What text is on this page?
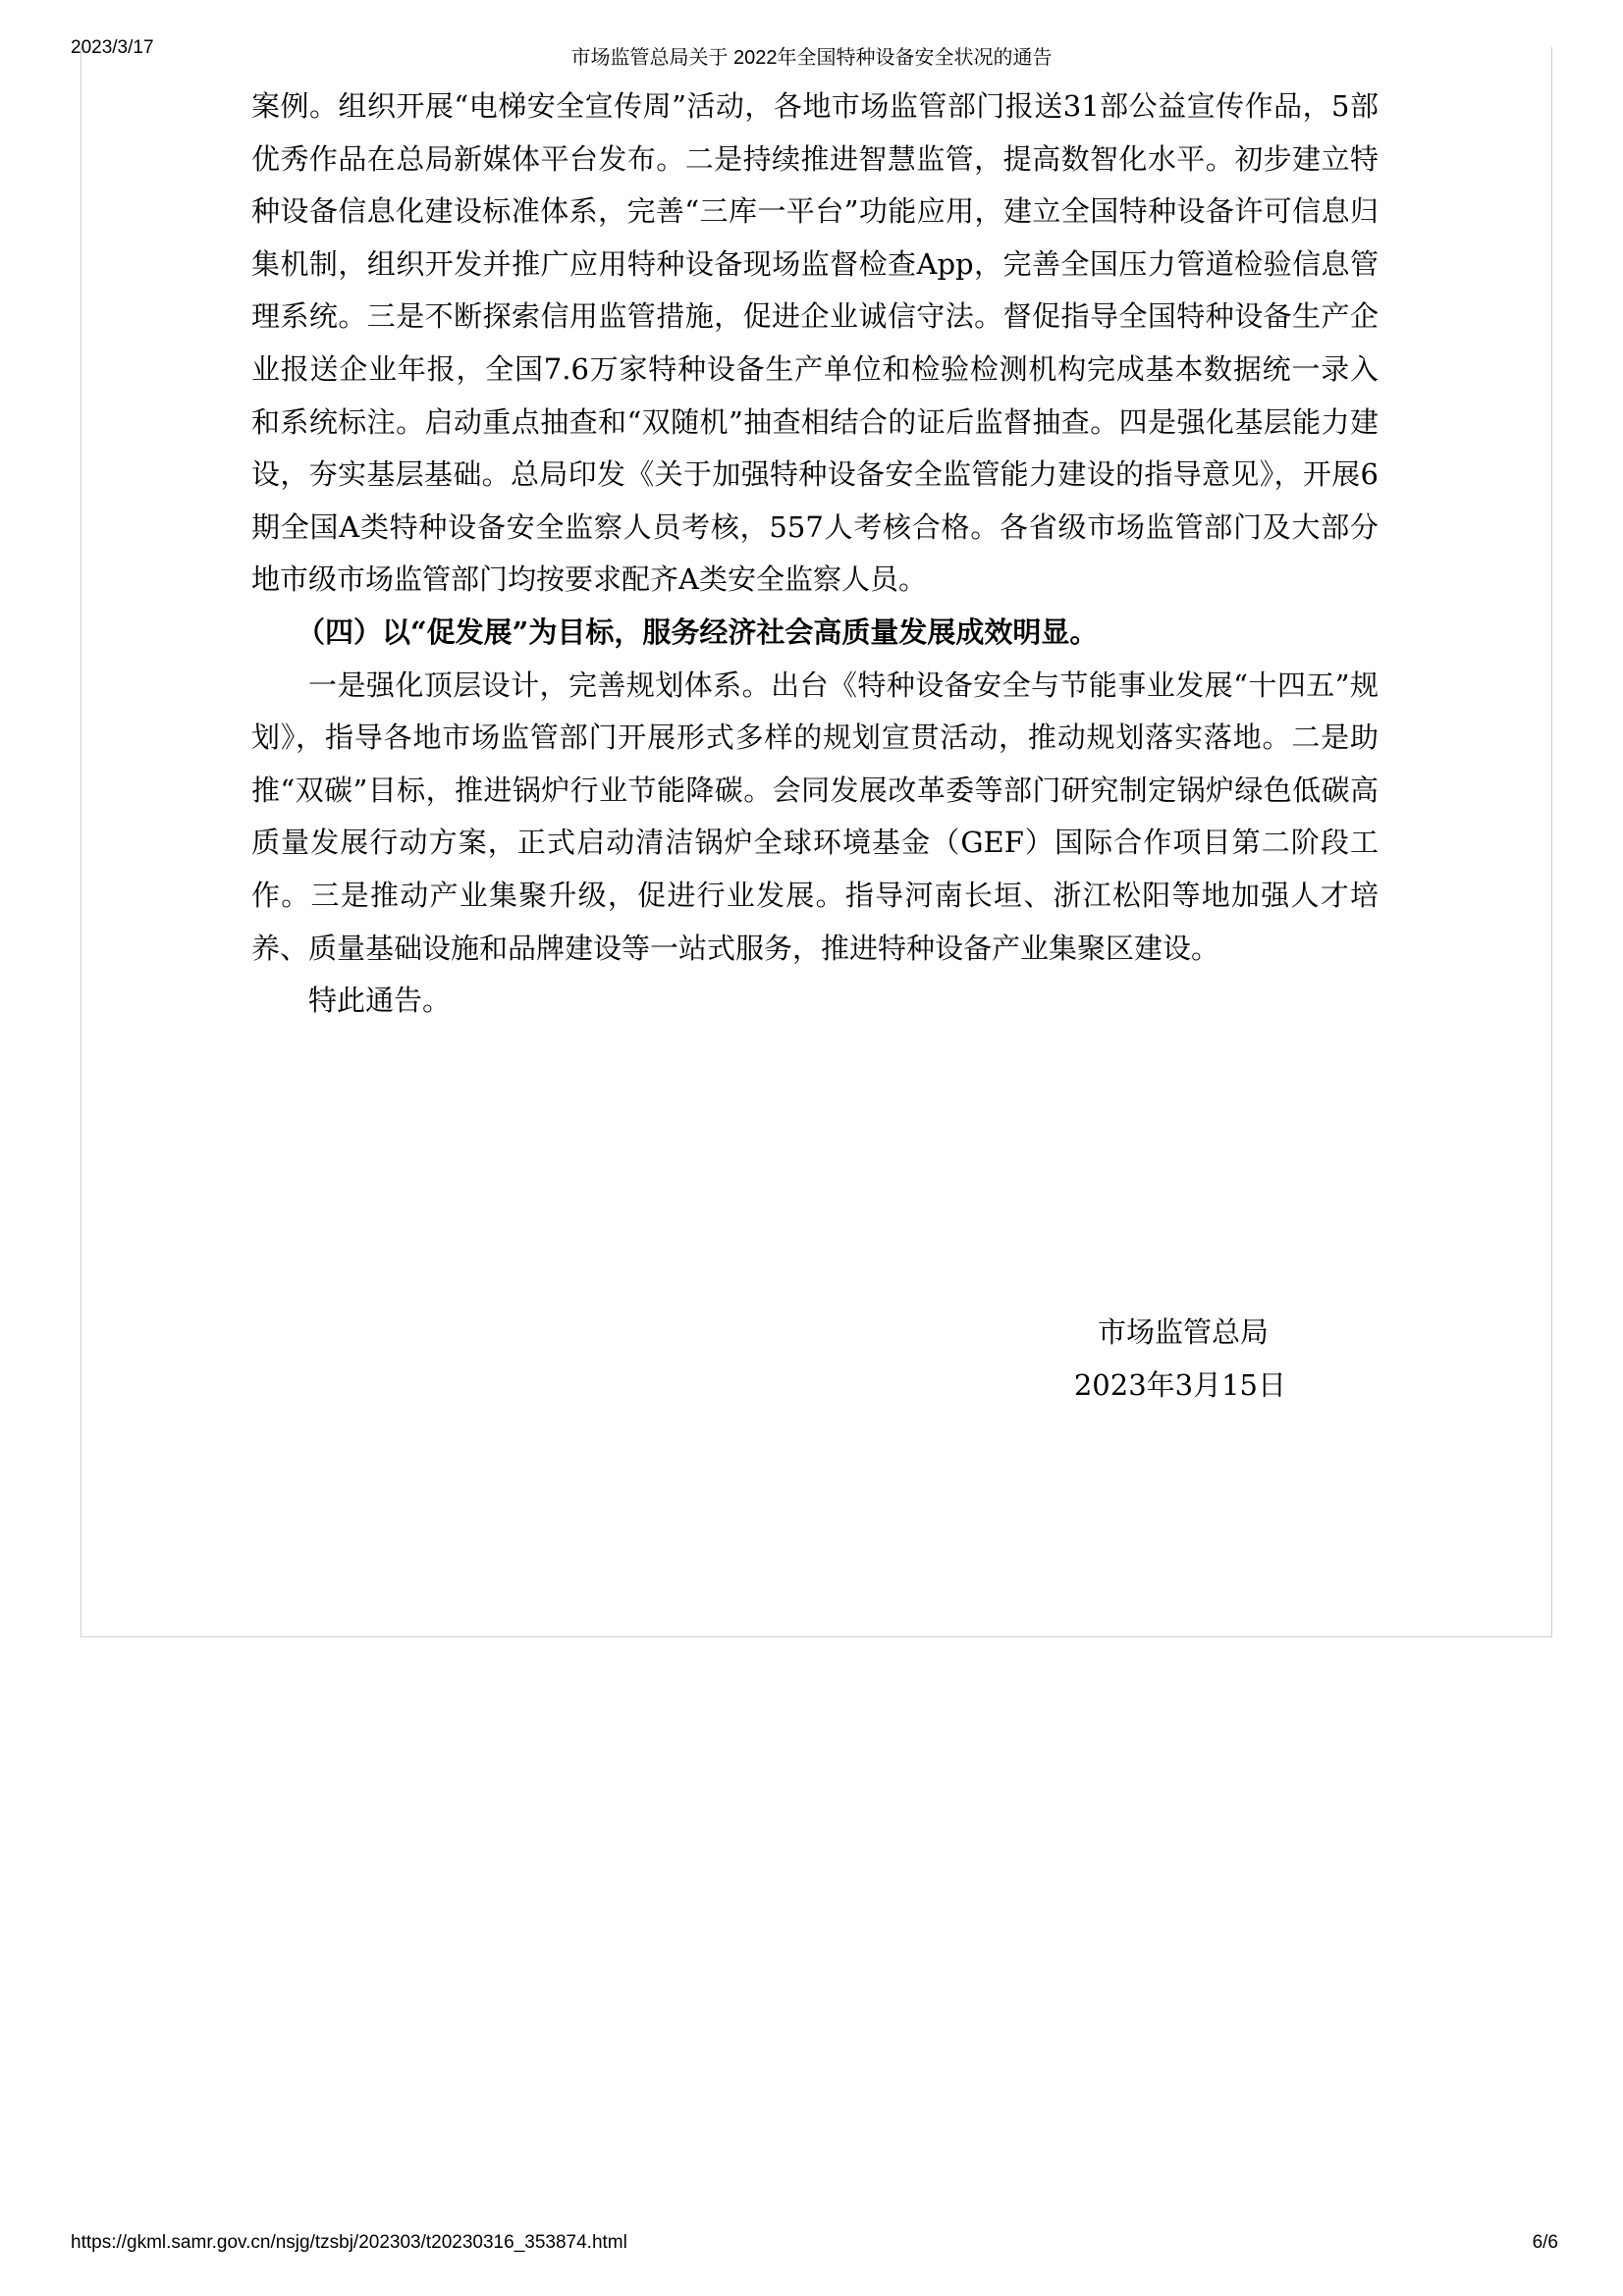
2023/3/17	市场监管总局关于 2022年全国特种设备安全状况的通告

案例。组织开展“电梯安全宣传周”活动，各地市场监管部门报送31部公益宣传作品，5部优秀作品在总局新媒体平台发布。二是持续推进智慧监管，提高数智化水平。初步建立特种设备信息化建设标准体系，完善“三库一平台”功能应用，建立全国特种设备许可信息归集机制，组织开发并推广应用特种设备现场监督检查App，完善全国压力管道检验信息管理系统。三是不断探索信用监管措施，促进企业诚信守法。督促指导全国特种设备生产企业报送企业年报，全国7.6万家特种设备生产单位和检验检测机构完成基本数据统一录入和系统标注。启动重点抽查和“双随机”抽查相结合的证后监督抽查。四是强化基层能力建设，夯实基层基础。总局印发《关于加强特种设备安全监管能力建设的指导意见》，开展6期全国A类特种设备安全监察人员考核，557人考核合格。各省级市场监管部门及大部分地市级市场监管部门均按要求配齐A类安全监察人员。

（四）以“促发展”为目标，服务经济社会高质量发展成效明显。

一是强化顶层设计，完善规划体系。出台《特种设备安全与节能事业发展“十四五”规划》，指导各地市场监管部门开展形式多样的规划宣贯活动，推动规划落实落地。二是助推“双碳”目标，推进锅炉行业节能降碳。会同发展改革委等部门研究制定锅炉绿色低碳高质量发展行动方案，正式启动清洁锅炉全球环境基金（GEF）国际合作项目第二阶段工作。三是推动产业集聚升级，促进行业发展。指导河南长垣、浙江松阳等地加强人才培养、质量基础设施和品牌建设等一站式服务，推进特种设备产业集聚区建设。

特此通告。

市场监管总局
2023年3月15日
https://gkml.samr.gov.cn/nsjg/tzsbj/202303/t20230316_353874.html	6/6
